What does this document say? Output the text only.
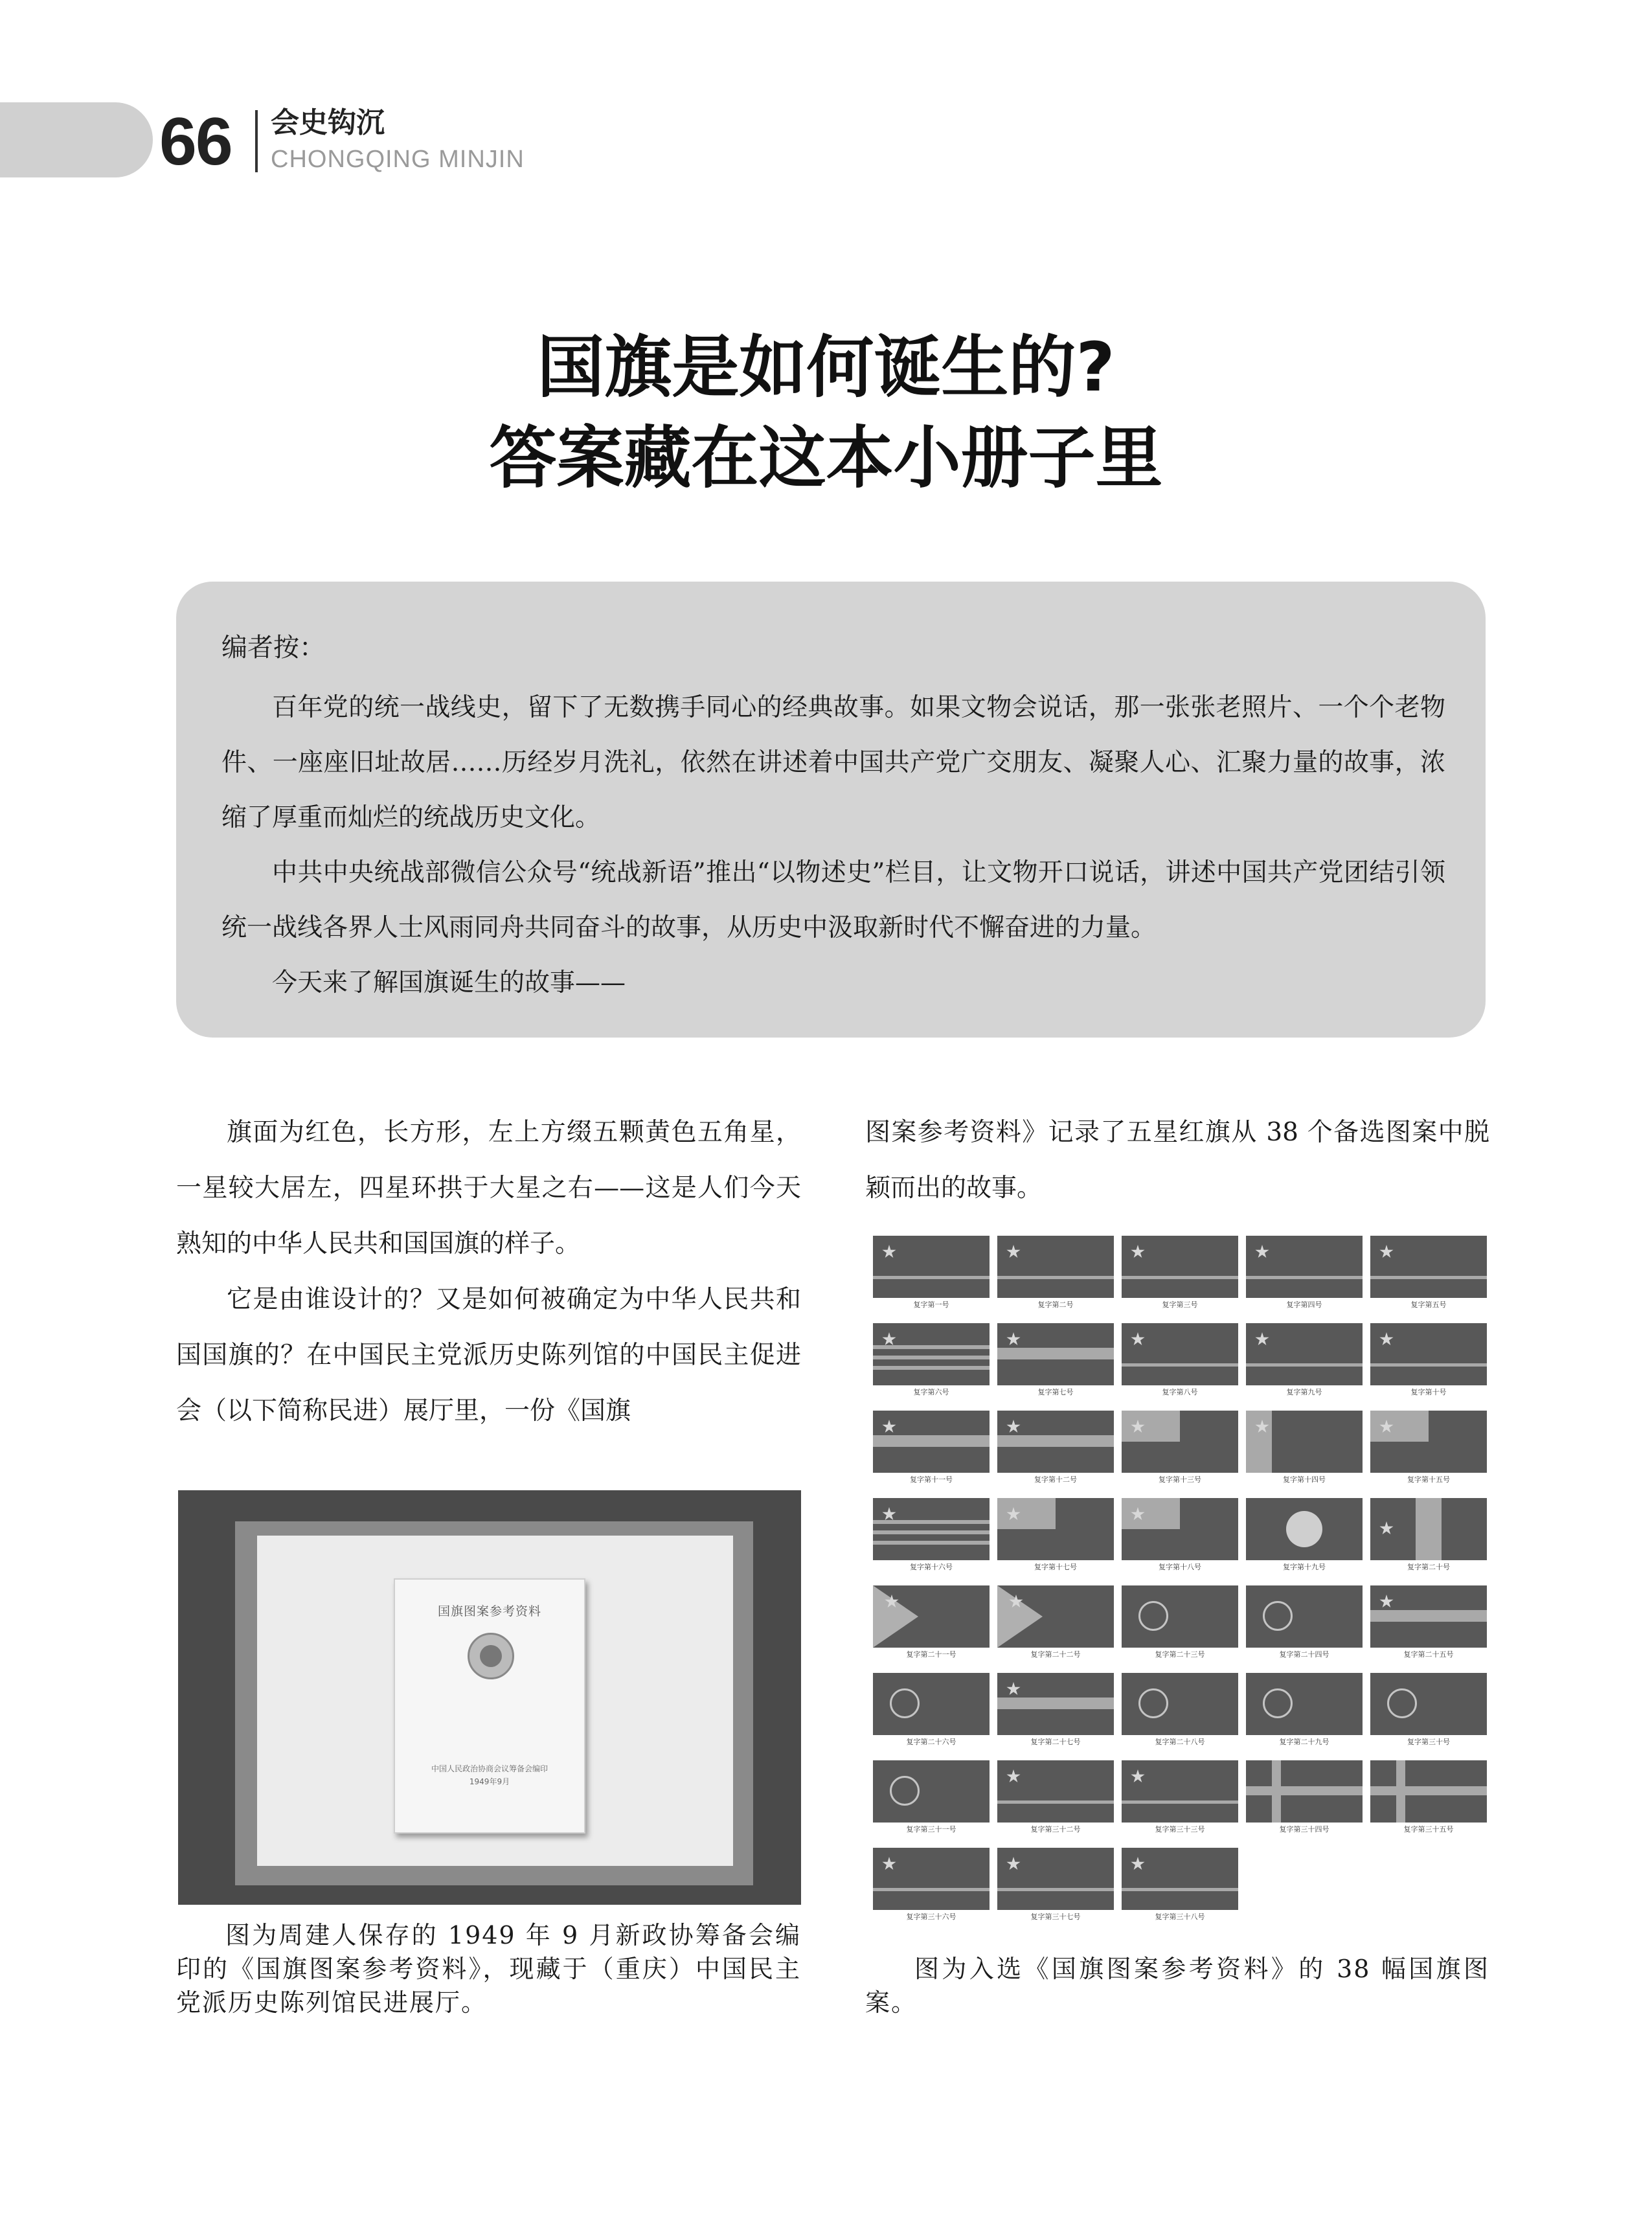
66 会史钩沉
CHONGQING MINJIN
国旗是如何诞生的?
答案藏在这本小册子里
编者按：

百年党的统一战线史，留下了无数携手同心的经典故事。如果文物会说话，那一张张老照片、一个个老物件、一座座旧址故居……历经岁月洗礼，依然在讲述着中国共产党广交朋友、凝聚人心、汇聚力量的故事，浓缩了厚重而灿烂的统战历史文化。

中共中央统战部微信公众号“统战新语”推出“以物述史”栏目，让文物开口说话，讲述中国共产党团结引领统一战线各界人士风雨同舟共同奋斗的故事，从历史中汲取新时代不懈奋进的力量。

今天来了解国旗诞生的故事——

旗面为红色，长方形，左上方缀五颗黄色五角星，一星较大居左，四星环拱于大星之右——这是人们今天熟知的中华人民共和国国旗的样子。

它是由谁设计的？又是如何被确定为中华人民共和国国旗的？在中国民主党派历史陈列馆的中国民主促进会（以下简称民进）展厅里，一份《国旗

图案参考资料》记录了五星红旗从 38 个备选图案中脱颖而出的故事。

国旗图案参考资料
中国人民政治协商会议筹备会编印
1949年9月
图为周建人保存的 1949 年 9 月新政协筹备会编印的《国旗图案参考资料》，现藏于（重庆）中国民主党派历史陈列馆民进展厅。
复字第一号	复字第二号	复字第三号	复字第四号	复字第五号
复字第六号	复字第七号	复字第八号	复字第九号	复字第十号
复字第十一号	复字第十二号	复字第十三号	复字第十四号	复字第十五号
复字第十六号	复字第十七号	复字第十八号	复字第十九号	复字第二十号
复字第二十一号	复字第二十二号	复字第二十三号	复字第二十四号	复字第二十五号
复字第二十六号	复字第二十七号	复字第二十八号	复字第二十九号	复字第三十号
复字第三十一号	复字第三十二号	复字第三十三号	复字第三十四号	复字第三十五号
复字第三十六号	复字第三十七号	复字第三十八号
图为入选《国旗图案参考资料》的 38 幅国旗图案。
